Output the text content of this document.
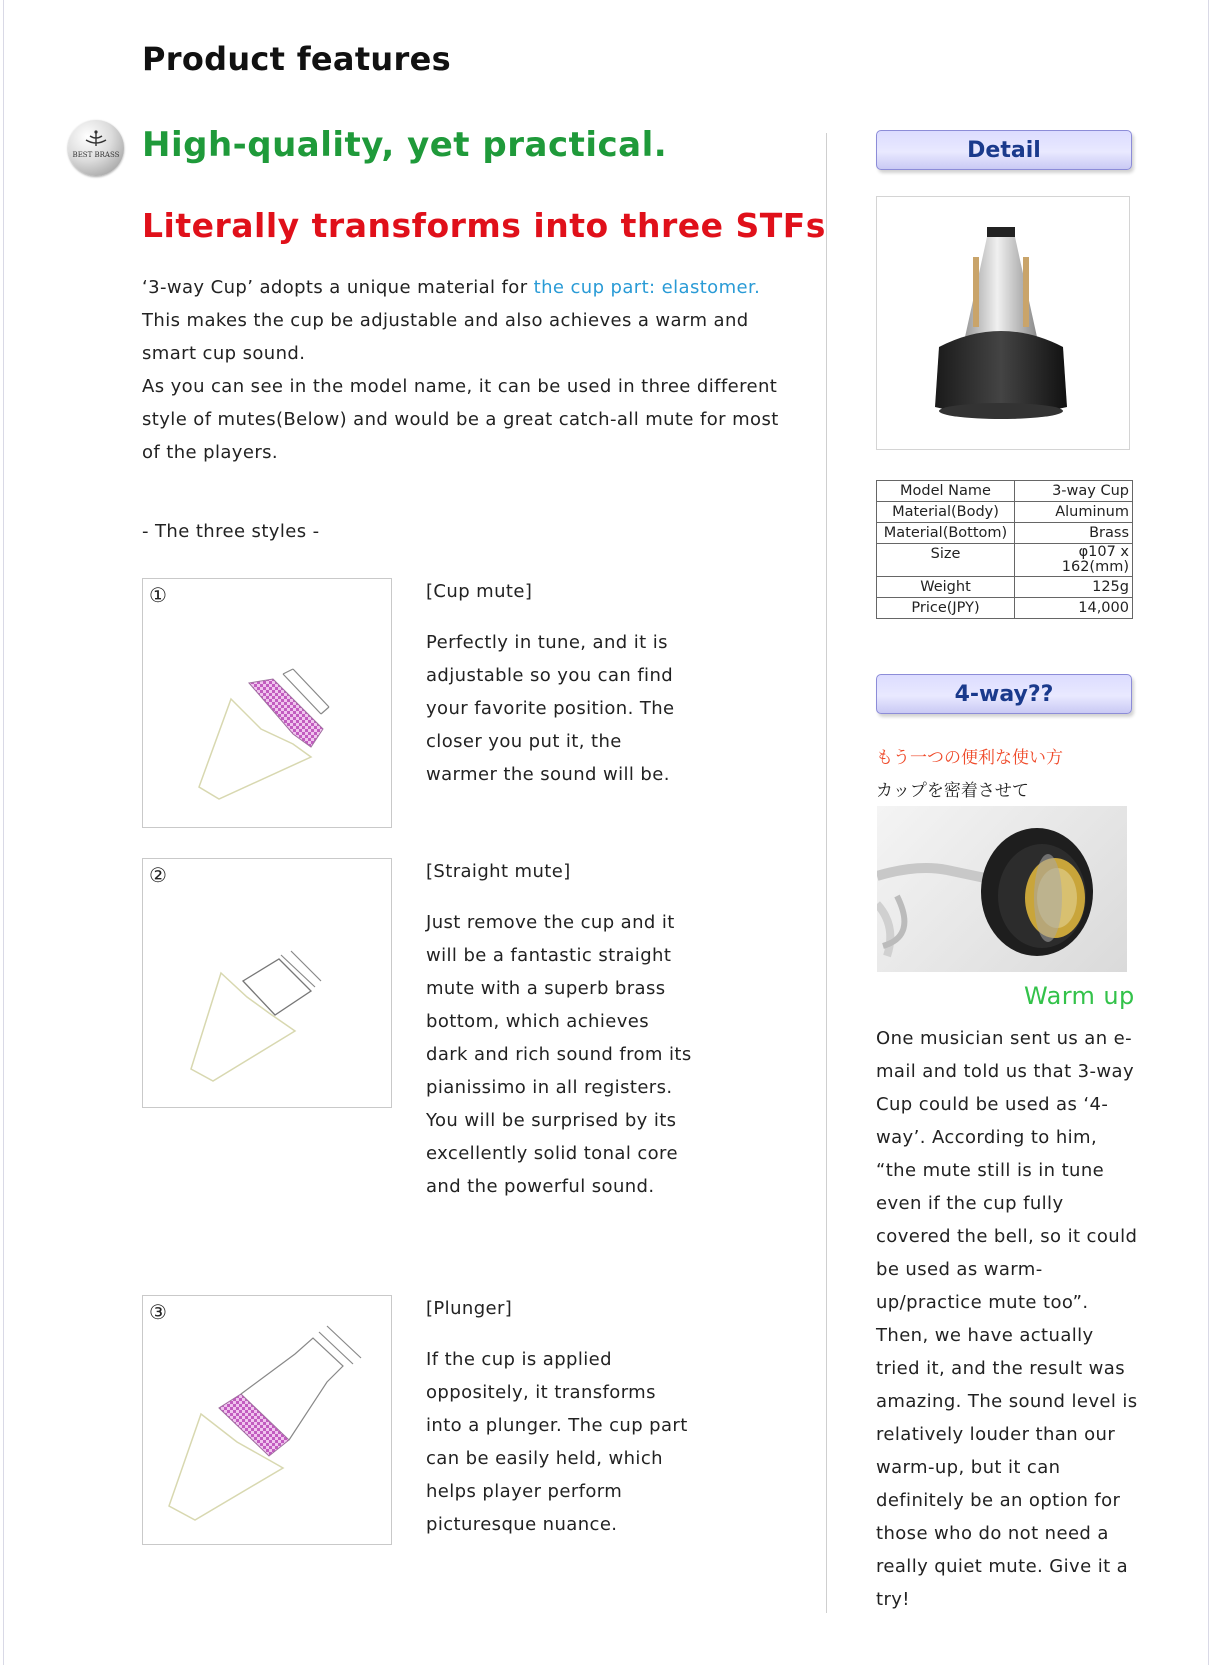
Product features
BEST BRASS High-quality, yet practical.
Literally transforms into three STFs

‘3-way Cup’ adopts a unique material for the cup part: elastomer.
This makes the cup be adjustable and also achieves a warm and smart cup sound.
As you can see in the model name, it can be used in three different style of mutes(Below) and would be a great catch-all mute for most of the players.

- The three styles -

①	[Cup mute]

Perfectly in tune, and it is adjustable so you can find your favorite position. The closer you put it, the warmer the sound will be.

②	[Straight mute]

Just remove the cup and it will be a fantastic straight mute with a superb brass bottom, which achieves dark and rich sound from its pianissimo in all registers. You will be surprised by its excellently solid tonal core and the powerful sound.

③	[Plunger]

If the cup is applied oppositely, it transforms into a plunger. The cup part can be easily held, which helps player perform picturesque nuance.

Detail
Model Name	3-way Cup
Material(Body)	Aluminum
Material(Bottom)	Brass
Size	φ107 x 162(mm)
Weight	125g
Price(JPY)	14,000
4-way??

もう一つの便利な使い方

カップを密着させて

Warm up

One musician sent us an e-mail and told us that 3-way Cup could be used as ‘4-way’. According to him, “the mute still is in tune even if the cup fully covered the bell, so it could be used as warm-up/practice mute too”. Then, we have actually tried it, and the result was amazing. The sound level is relatively louder than our warm-up, but it can definitely be an option for those who do not need a really quiet mute. Give it a try!
